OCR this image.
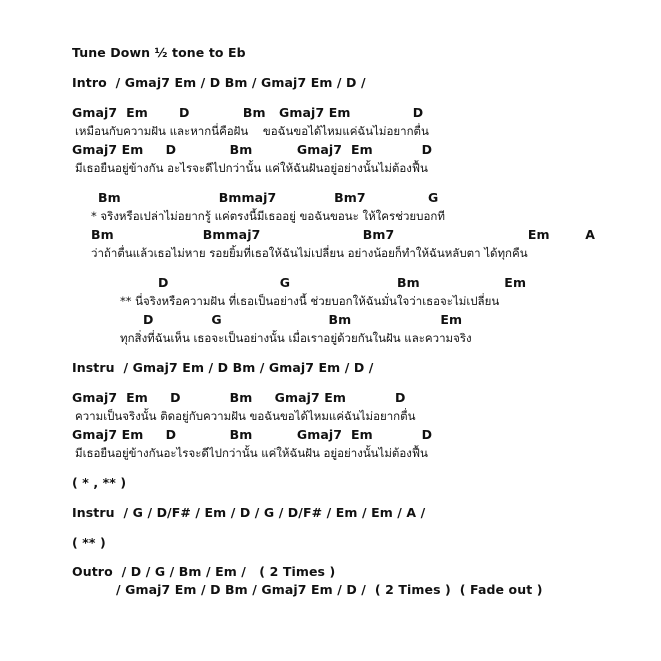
Tune Down ½ tone to Eb
Intro  / Gmaj7 Em / D Bm / Gmaj7 Em / D /
Gmaj7  Em       D            Bm   Gmaj7 Em              D
เหมือนกับความฝัน และหากนี่คือฝัน    ขอฉันขอได้ไหมแค่ฉันไม่อยากตื่น
Gmaj7 Em     D            Bm          Gmaj7  Em           D
มีเธอยืนอยู่ข้างกัน อะไรจะดีไปกว่านั้น แค่ให้ฉันฝันอยู่อย่างนั้นไม่ต้องฟื้น
Bm                      Bmmaj7             Bm7              G
* จริงหรือเปล่าไม่อยากรู้ แค่ตรงนี้มีเธออยู่ ขอฉันขอนะ ให้ใครช่วยบอกที
Bm                    Bmmaj7                       Bm7                              Em        A
ว่าถ้าตื่นแล้วเธอไม่หาย รอยยิ้มที่เธอให้ฉันไม่เปลี่ยน อย่างน้อยก็ทำให้ฉันหลับตา ได้ทุกคืน
D                         G                        Bm                   Em
** นี่จริงหรือความฝัน ที่เธอเป็นอย่างนี้ ช่วยบอกให้ฉันมั่นใจว่าเธอจะไม่เปลี่ยน
D             G                        Bm                    Em
ทุกสิ่งที่ฉันเห็น เธอจะเป็นอย่างนั้น เมื่อเราอยู่ด้วยกันในฝัน และความจริง
Instru  / Gmaj7 Em / D Bm / Gmaj7 Em / D /
Gmaj7  Em     D           Bm     Gmaj7 Em           D
ความเป็นจริงนั้น ติดอยู่กับความฝัน ขอฉันขอได้ไหมแค่ฉันไม่อยากตื่น
Gmaj7 Em     D            Bm          Gmaj7  Em           D
มีเธอยืนอยู่ข้างกันอะไรจะดีไปกว่านั้น แค่ให้ฉันฝัน อยู่อย่างนั้นไม่ต้องฟื้น
( * , ** )
Instru  / G / D/F# / Em / D / G / D/F# / Em / Em / A /
( ** )
Outro  / D / G / Bm / Em /   ( 2 Times )
/ Gmaj7 Em / D Bm / Gmaj7 Em / D /  ( 2 Times )  ( Fade out )
